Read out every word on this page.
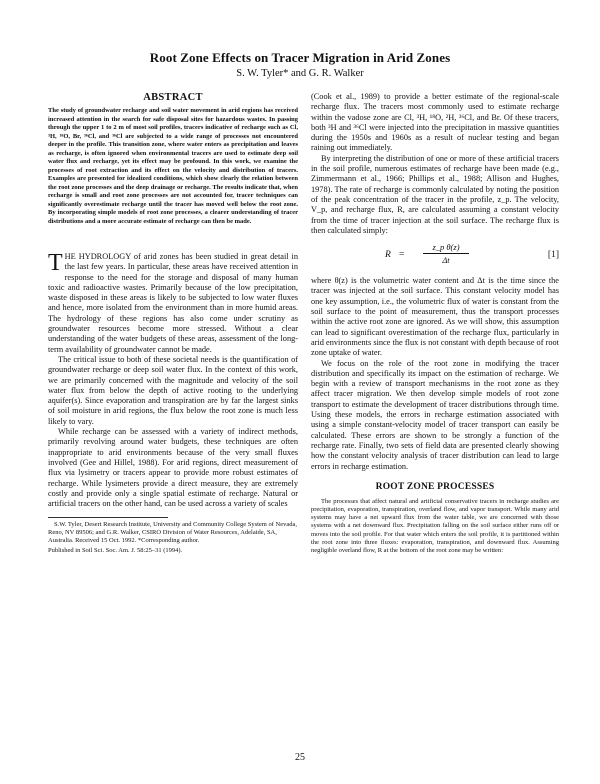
Root Zone Effects on Tracer Migration in Arid Zones
S. W. Tyler* and G. R. Walker
ABSTRACT

The study of groundwater recharge and soil water movement in arid regions has received increased attention in the search for safe disposal sites for hazardous wastes. In passing through the upper 1 to 2 m of most soil profiles, tracers indicative of recharge such as Cl, ³H, ¹⁸O, Br, ³⁶Cl, and ³⁶Cl are subjected to a wide range of processes not encountered deeper in the profile. This transition zone, where water enters as precipitation and leaves as recharge, is often ignored when environmental tracers are used to estimate deep soil water flux and recharge, yet its effect may be profound. In this work, we examine the processes of root extraction and its effect on the velocity and distribution of tracers. Examples are presented for idealized conditions, which show clearly the relation between the root zone processes and the deep drainage or recharge. The results indicate that, when recharge is small and root zone processes are not accounted for, tracer techniques can significantly overestimate recharge until the tracer has moved well below the root zone. By incorporating simple models of root zone processes, a clearer understanding of tracer distributions and a more accurate estimate of recharge can then be made.

THE HYDROLOGY of arid zones has been studied in great detail in the last few years. In particular, these areas have received attention in response to the need for the storage and disposal of many human toxic and radioactive wastes. Primarily because of the low precipitation, waste disposed in these areas is likely to be subjected to low water fluxes and hence, more isolated from the environment than in more humid areas. The hydrology of these regions has also come under scrutiny as groundwater resources become more stressed. Without a clear understanding of the water budgets of these areas, assessment of the long-term availability of groundwater cannot be made.

The critical issue to both of these societal needs is the quantification of groundwater recharge or deep soil water flux. In the context of this work, we are primarily concerned with the magnitude and velocity of the soil water flux from below the depth of active rooting to the underlying aquifer(s). Since evaporation and transpiration are by far the largest sinks of soil moisture in arid regions, the flux below the root zone is much less likely to vary.

While recharge can be assessed with a variety of indirect methods, primarily revolving around water budgets, these techniques are often inappropriate to arid environments because of the very small fluxes involved (Gee and Hillel, 1988). For arid regions, direct measurement of flux via lysimetry or tracers appear to provide more robust estimates of recharge. While lysimeters provide a direct measure, they are extremely costly and provide only a single spatial estimate of recharge. Natural or artificial tracers on the other hand, can be used across a variety of scales

S.W. Tyler, Desert Research Institute, University and Community College System of Nevada, Reno, NV 89506; and G.R. Walker, CSIRO Division of Water Resources, Adelaide, SA, Australia. Received 15 Oct. 1992. *Corresponding author.

Published in Soil Sci. Soc. Am. J. 58:25–31 (1994).

(Cook et al., 1989) to provide a better estimate of the regional-scale recharge flux. The tracers most commonly used to estimate recharge within the vadose zone are Cl, ³H, ¹⁸O, ²H, ³⁶Cl, and Br. Of these tracers, both ³H and ³⁶Cl were injected into the precipitation in massive quantities during the 1950s and 1960s as a result of nuclear testing and began raining out immediately.

By interpreting the distribution of one or more of these artificial tracers in the soil profile, numerous estimates of recharge have been made (e.g., Zimmermann et al., 1966; Phillips et al., 1988; Allison and Hughes, 1978). The rate of recharge is commonly calculated by noting the position of the peak concentration of the tracer in the profile, z_p. The velocity, V_p, and recharge flux, R, are calculated assuming a constant velocity from the time of tracer injection at the soil surface. The recharge flux is then calculated simply:

$R = \frac{\text{z\_p θ(z)}}{\Delta t}$	[1]

where θ(z) is the volumetric water content and Δt is the time since the tracer was injected at the soil surface. This constant velocity model has one key assumption, i.e., the volumetric flux of water is constant from the soil surface to the point of measurement, thus the transport processes within the active root zone are ignored. As we will show, this assumption can lead to significant overestimation of the recharge flux, particularly in arid environments since the flux is not constant with depth because of root zone uptake of water.

We focus on the role of the root zone in modifying the tracer distribution and specifically its impact on the estimation of recharge. We begin with a review of transport mechanisms in the root zone as they affect tracer migration. We then develop simple models of root zone transport to estimate the development of tracer distributions through time. Using these models, the errors in recharge estimation associated with using a simple constant-velocity model of tracer transport can easily be calculated. These errors are shown to be strongly a function of the recharge rate. Finally, two sets of field data are presented clearly showing how the constant velocity analysis of tracer distribution can lead to large errors in recharge estimation.

ROOT ZONE PROCESSES

The processes that affect natural and artificial conservative tracers in recharge studies are precipitation, evaporation, transpiration, overland flow, and vapor transport. While many arid systems may have a net upward flux from the water table, we are concerned with those systems with a net downward flux. Precipitation falling on the soil surface either runs off or moves into the soil profile. For that water which enters the soil profile, it is partitioned within the root zone into three fluxes: evaporation, transpiration, and downward flux. Assuming negligible overland flow, R at the bottom of the root zone may be written:

25
